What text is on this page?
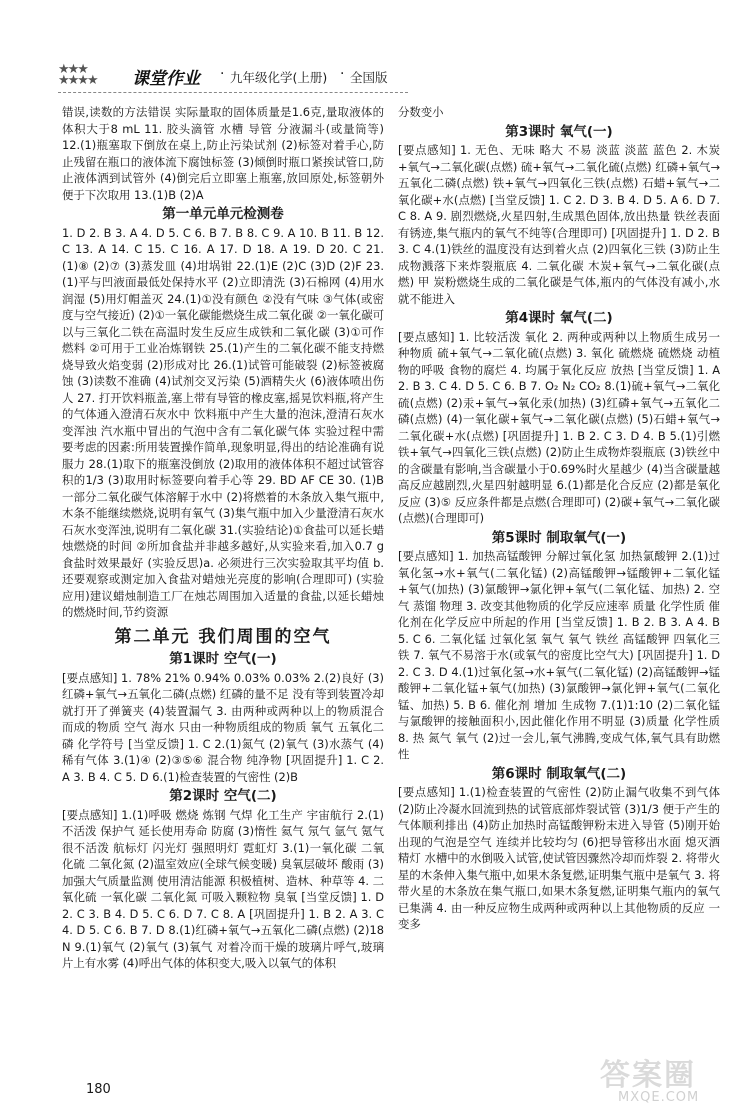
★★★
★★★★	课堂作业 · 九年级化学(上册) · 全国版

错误,读数的方法错误 实际量取的固体质量是1.6克,量取液体的体积大于8 mL 11. 胶头滴管 水槽 导管 分液漏斗(或量筒等) 12.(1)瓶塞取下倒放在桌上,防止污染试剂 (2)标签对着手心,防止残留在瓶口的液体流下腐蚀标签 (3)倾倒时瓶口紧挨试管口,防止液体洒到试管外 (4)倒完后立即塞上瓶塞,放回原处,标签朝外便于下次取用 13.(1)B (2)A

第一单元单元检测卷

1. D 2. B 3. A 4. D 5. C 6. B 7. B 8. C 9. A 10. B 11. B 12. C 13. A 14. C 15. C 16. A 17. D 18. A 19. D 20. C 21.(1)⑧ (2)⑦ (3)蒸发皿 (4)坩埚钳 22.(1)E (2)C (3)D (2)F 23.(1)平与凹液面最低处保持水平 (2)立即清洗 (3)石棉网 (4)用水润湿 (5)用灯帽盖灭 24.(1)①没有颜色 ②没有气味 ③气体(或密度与空气接近) (2)①一氧化碳能燃烧生成二氧化碳 ②一氧化碳可以与三氧化二铁在高温时发生反应生成铁和二氧化碳 (3)①可作燃料 ②可用于工业冶炼钢铁 25.(1)产生的二氧化碳不能支持燃烧导致火焰变弱 (2)形成对比 26.(1)试管可能破裂 (2)标签被腐蚀 (3)读数不准确 (4)试剂交叉污染 (5)酒精失火 (6)液体喷出伤人 27. 打开饮料瓶盖,塞上带有导管的橡皮塞,摇晃饮料瓶,将产生的气体通入澄清石灰水中 饮料瓶中产生大量的泡沫,澄清石灰水变浑浊 汽水瓶中冒出的气泡中含有二氧化碳气体 实验过程中需要考虑的因素:所用装置操作简单,现象明显,得出的结论准确有说服力 28.(1)取下的瓶塞没倒放 (2)取用的液体体积不超过试管容积的1/3 (3)取用时标签要向着手心等 29. BD AF CE 30. (1)B 一部分二氧化碳气体溶解于水中 (2)将燃着的木条放入集气瓶中,木条不能继续燃烧,说明有氧气 (3)集气瓶中加入少量澄清石灰水 石灰水变浑浊,说明有二氧化碳 31.(实验结论)①食盐可以延长蜡烛燃烧的时间 ②所加食盐并非越多越好,从实验来看,加入0.7 g食盐时效果最好 (实验反思)a. 必须进行三次实验取其平均值 b. 还要观察或测定加入食盐对蜡烛光亮度的影响(合理即可) (实验应用)建议蜡烛制造工厂在烛芯周围加入适量的食盐,以延长蜡烛的燃烧时间,节约资源

第二单元 我们周围的空气
第1课时 空气(一)

[要点感知] 1. 78% 21% 0.94% 0.03% 0.03% 2.(2)良好 (3)红磷+氧气→五氧化二磷(点燃) 红磷的量不足 没有等到装置冷却就打开了弹簧夹 (4)装置漏气 3. 由两种或两种以上的物质混合而成的物质 空气 海水 只由一种物质组成的物质 氧气 五氧化二磷 化学符号 [当堂反馈] 1. C 2.(1)氮气 (2)氧气 (3)水蒸气 (4)稀有气体 3.(1)④ (2)③⑤⑥ 混合物 纯净物 [巩固提升] 1. C 2. A 3. B 4. C 5. D 6.(1)检查装置的气密性 (2)B

第2课时 空气(二)

[要点感知] 1.(1)呼吸 燃烧 炼钢 气焊 化工生产 宇宙航行 2.(1)不活泼 保护气 延长使用寿命 防腐 (3)惰性 氦气 氖气 氩气 氪气 很不活泼 航标灯 闪光灯 强照明灯 霓虹灯 3.(1)一氧化碳 二氧化硫 二氧化氮 (2)温室效应(全球气候变暖) 臭氧层破坏 酸雨 (3)加强大气质量监测 使用清洁能源 积极植树、造林、种草等 4. 二氧化硫 一氧化碳 二氧化氮 可吸入颗粒物 臭氧 [当堂反馈] 1. D 2. C 3. B 4. D 5. C 6. D 7. C 8. A [巩固提升] 1. B 2. A 3. C 4. D 5. C 6. B 7. D 8.(1)红磷+氧气→五氧化二磷(点燃) (2)18 N 9.(1)氧气 (2)氧气 (3)氧气 对着冷而干燥的玻璃片呼气,玻璃片上有水雾 (4)呼出气体的体积变大,吸入以氧气的体积

分数变小

第3课时 氧气(一)

[要点感知] 1. 无色、无味 略大 不易 淡蓝 淡蓝 蓝色 2. 木炭+氧气→二氧化碳(点燃) 硫+氧气→二氧化硫(点燃) 红磷+氧气→五氧化二磷(点燃) 铁+氧气→四氧化三铁(点燃) 石蜡+氧气→二氧化碳+水(点燃) [当堂反馈] 1. C 2. D 3. B 4. D 5. A 6. D 7. C 8. A 9. 剧烈燃烧,火星四射,生成黑色固体,放出热量 铁丝表面有锈迹,集气瓶内的氧气不纯等(合理即可) [巩固提升] 1. D 2. B 3. C 4.(1)铁丝的温度没有达到着火点 (2)四氧化三铁 (3)防止生成物溅落下来炸裂瓶底 4. 二氧化碳 木炭+氧气→二氧化碳(点燃) 甲 炭粉燃烧生成的二氧化碳是气体,瓶内的气体没有减小,水就不能进入

第4课时 氧气(二)

[要点感知] 1. 比较活泼 氧化 2. 两种或两种以上物质生成另一种物质 硫+氧气→二氧化硫(点燃) 3. 氧化 硫燃烧 硫燃烧 动植物的呼吸 食物的腐烂 4. 均属于氧化反应 放热 [当堂反馈] 1. A 2. B 3. C 4. D 5. C 6. B 7. O₂ N₂ CO₂ 8.(1)硫+氧气→二氧化硫(点燃) (2)汞+氧气→氧化汞(加热) (3)红磷+氧气→五氧化二磷(点燃) (4)一氧化碳+氧气→二氧化碳(点燃) (5)石蜡+氧气→二氧化碳+水(点燃) [巩固提升] 1. B 2. C 3. D 4. B 5.(1)引燃 铁+氧气→四氧化三铁(点燃) (2)防止生成物炸裂瓶底 (3)铁丝中的含碳量有影响,当含碳量小于0.69%时火星越少 (4)当含碳量越高反应越剧烈,火星四射越明显 6.(1)都是化合反应 (2)都是氧化反应 (3)⑤ 反应条件都是点燃(合理即可) (2)碳+氧气→二氧化碳(点燃)(合理即可)

第5课时 制取氧气(一)

[要点感知] 1. 加热高锰酸钾 分解过氧化氢 加热氯酸钾 2.(1)过氧化氢→水+氧气(二氧化锰) (2)高锰酸钾→锰酸钾+二氧化锰+氧气(加热) (3)氯酸钾→氯化钾+氧气(二氧化锰、加热) 2. 空气 蒸馏 物理 3. 改变其他物质的化学反应速率 质量 化学性质 催化剂在化学反应中所起的作用 [当堂反馈] 1. B 2. B 3. A 4. B 5. C 6. 二氧化锰 过氧化氢 氧气 氧气 铁丝 高锰酸钾 四氧化三铁 7. 氧气不易溶于水(或氧气的密度比空气大) [巩固提升] 1. D 2. C 3. D 4.(1)过氧化氢→水+氧气(二氧化锰) (2)高锰酸钾→锰酸钾+二氧化锰+氧气(加热) (3)氯酸钾→氯化钾+氧气(二氧化锰、加热) 5. B 6. 催化剂 增加 生成物 7.(1)1:10 (2)二氧化锰与氯酸钾的接触面积小,因此催化作用不明显 (3)质量 化学性质 8. 热 氮气 氧气 (2)过一会儿,氧气沸腾,变成气体,氧气具有助燃性

第6课时 制取氧气(二)

[要点感知] 1.(1)检查装置的气密性 (2)防止漏气收集不到气体 (2)防止冷凝水回流到热的试管底部炸裂试管 (3)1/3 便于产生的气体顺利排出 (4)防止加热时高锰酸钾粉末进入导管 (5)刚开始出现的气泡是空气 连续并比较均匀 (6)把导管移出水面 熄灭酒精灯 水槽中的水倒吸入试管,使试管因骤然冷却而炸裂 2. 将带火星的木条伸入集气瓶中,如果木条复燃,证明集气瓶中是氧气 3. 将带火星的木条放在集气瓶口,如果木条复燃,证明集气瓶内的氧气已集满 4. 由一种反应物生成两种或两种以上其他物质的反应 一变多

180	答案圈
MXQE.COM
